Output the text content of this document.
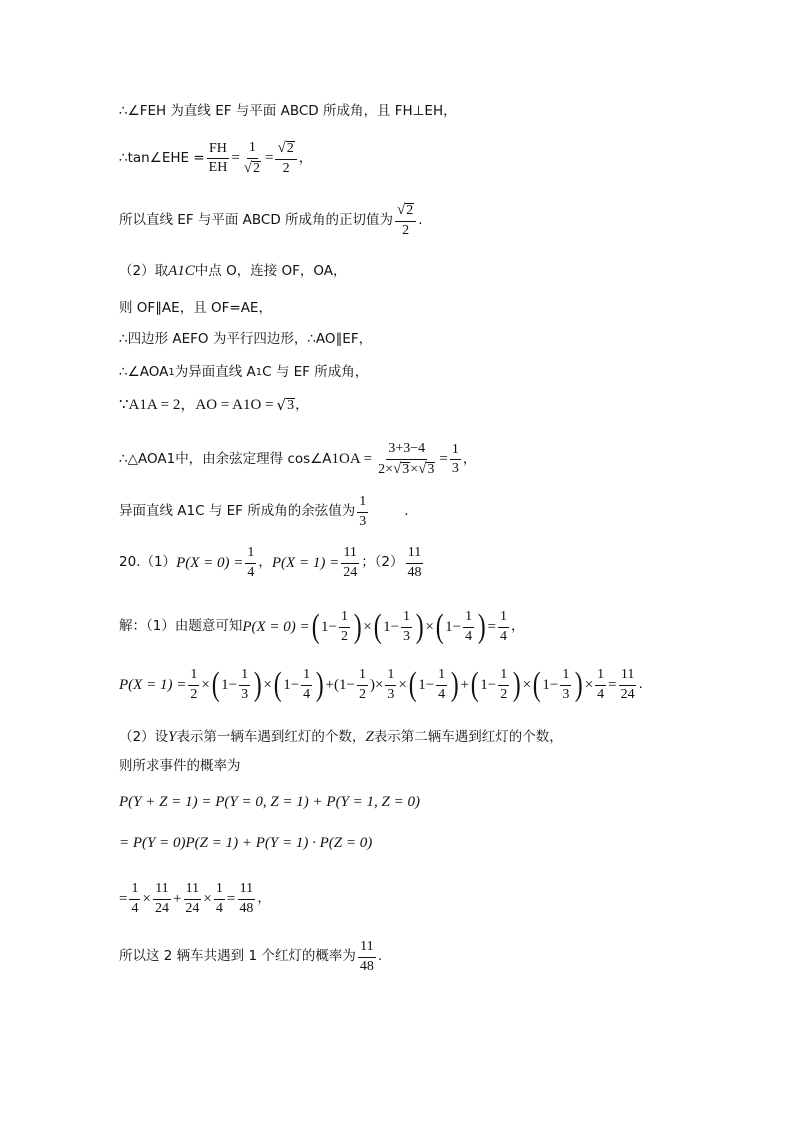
∴∠FEH 为直线 EF 与平面 ABCD 所成角，且 FH⊥EH，
∴tan∠EHE = $\frac{FH}{EH} = \frac{1}{√ 2} = \frac{√ 2}{2}$ ，
所以直线 EF 与平面 ABCD 所成角的正切值为 $\frac{√ 2}{2}$ .
（2）取 A 1 C 中点 O，连接 OF，OA，
则 OF∥AE，且 OF=AE，
∴四边形 AEFO 为平行四边形，∴AO∥EF，
∴∠AOA 1 为异面直线 A 1 C 与 EF 所成角，
∵A 1 A = 2，AO = A 1 O = √ 3 ，
∴△AOA 1 中，由余弦定理得 cos∠A 1 OA = $\frac{3+3-4}{2\times √ 3 \times √ 3} = \frac{1}{3}$ ，
异面直线 A 1 C 与 EF 所成角的余弦值为 $\frac{1}{3}$	.
20.（1） $P(X = 0) = \frac{1}{4}$ ， $P(X = 1) = \frac{11}{24}$ ；$(2) \frac{11}{48}$
解：（1）由题意可知 P(X = 0) = ( $1- \frac{1}{2}$ ) × ( $1- \frac{1}{3}$ ) × ( $1- \frac{1}{4}$ ) = $\frac{1}{4}$ ，
$P(X = 1) = \frac{1}{2}$ × ( $1- \frac{1}{3}$ ) × ( $1- \frac{1}{4}$ ) + ( $1- \frac{1}{2}$ ) × $\frac{1}{3}$ × ( $1- \frac{1}{4}$ ) + ( $1- \frac{1}{2}$ ) × ( $1- \frac{1}{3}$ ) × $\frac{1}{4} = \frac{11}{24}$ .
（2）设 Y 表示第一辆车遇到红灯的个数， Z 表示第二辆车遇到红灯的个数，
则所求事件的概率为
P(Y + Z = 1) = P(Y = 0, Z = 1) + P(Y = 1, Z = 0)
= P(Y = 0)P(Z = 1) + P(Y = 1) · P(Z = 0)
= $\frac{1}{4} \times \frac{11}{24} + \frac{11}{24} \times \frac{1}{4} = \frac{11}{48}$ ，
所以这 2 辆车共遇到 1 个红灯的概率为 $\frac{11}{48}$ .
